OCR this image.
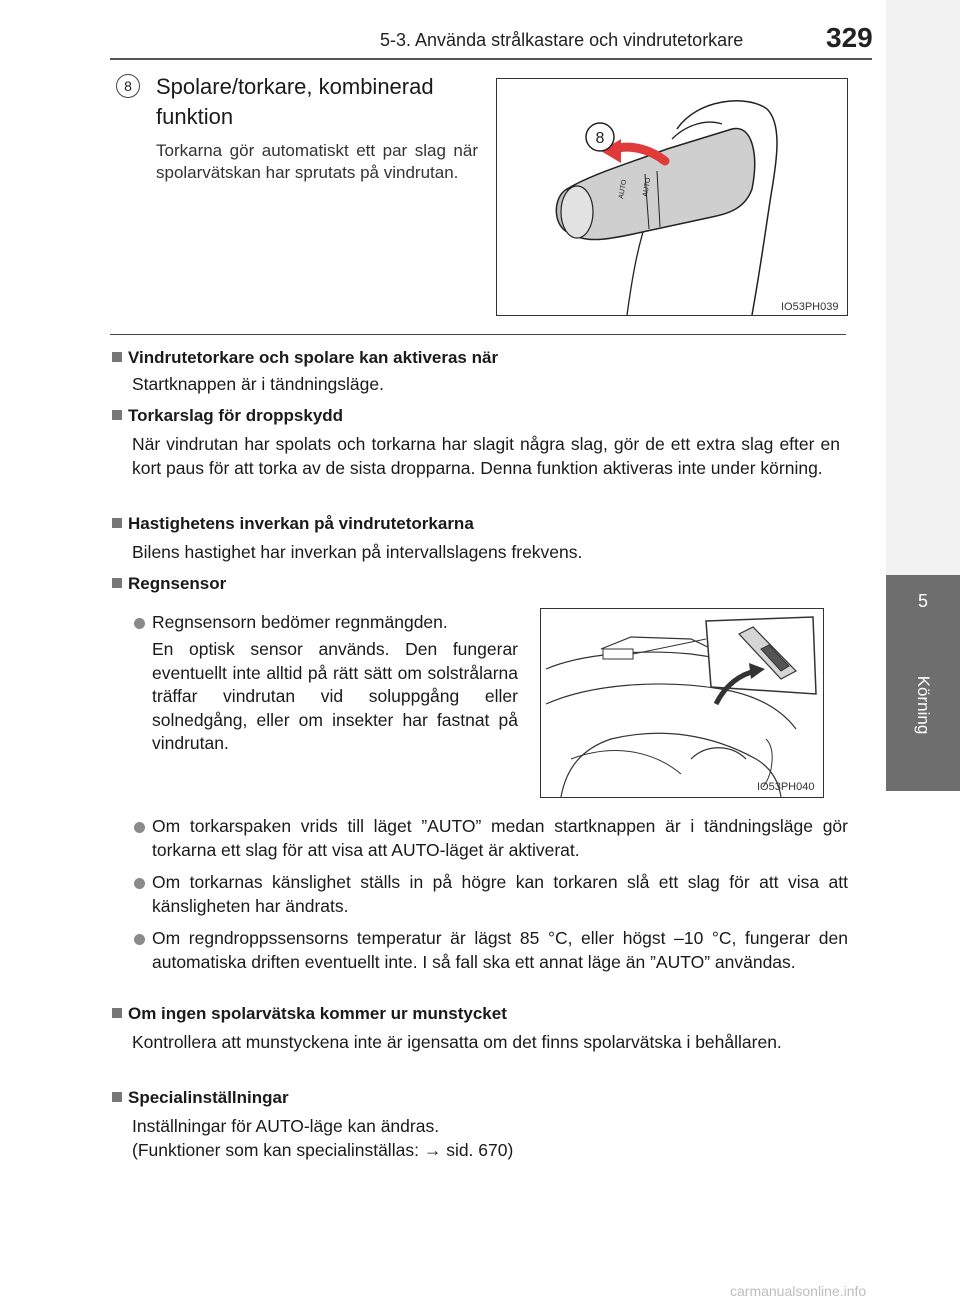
5-3. Använda strålkastare och vindrutetorkare	329
5
Körning
8	Spolare/torkare, kombinerad funktion
Torkarna gör automatiskt ett par slag när spolarvätskan har sprutats på vindrutan.
AUTO AUTO
8
IO53PH039
Vindrutetorkare och spolare kan aktiveras när
Startknappen är i tändningsläge.
Torkarslag för droppskydd
När vindrutan har spolats och torkarna har slagit några slag, gör de ett extra slag efter en kort paus för att torka av de sista dropparna. Denna funktion aktiveras inte under körning.
Hastighetens inverkan på vindrutetorkarna
Bilens hastighet har inverkan på intervallslagens frekvens.
Regnsensor
Regnsensorn bedömer regnmängden.
En optisk sensor används. Den fungerar eventuellt inte alltid på rätt sätt om solstrålarna träffar vindrutan vid soluppgång eller solnedgång, eller om insekter har fastnat på vindrutan.
IO53PH040
Om torkarspaken vrids till läget ”AUTO” medan startknappen är i tändningsläge gör torkarna ett slag för att visa att AUTO-läget är aktiverat.
Om torkarnas känslighet ställs in på högre kan torkaren slå ett slag för att visa att känsligheten har ändrats.
Om regndroppssensorns temperatur är lägst 85 °C, eller högst –10 °C, fungerar den automatiska driften eventuellt inte. I så fall ska ett annat läge än ”AUTO” användas.
Om ingen spolarvätska kommer ur munstycket
Kontrollera att munstyckena inte är igensatta om det finns spolarvätska i behållaren.
Specialinställningar
Inställningar för AUTO-läge kan ändras.
(Funktioner som kan specialinställas: → sid. 670)
carmanualsonline.info
